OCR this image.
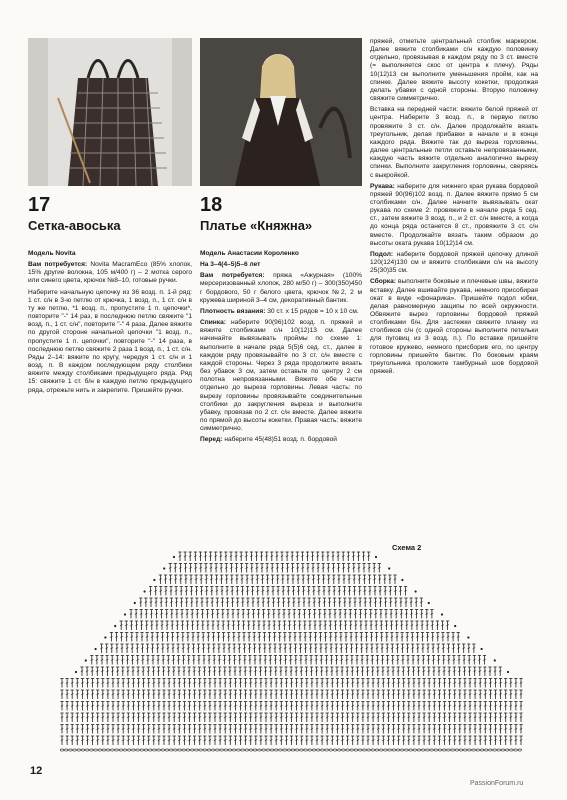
17
Сетка-авоська
18
Платье «Княжна»

Модель Novita

Вам потребуется: Novita MacramEco (85% хлопок, 15% другие волокна, 105 м/400 г) – 2 мотка серого или синего цвета, крючок №8–10, готовые ручки.

Наберите начальную цепочку из 36 возд. п. 1-й ряд: 1 ст. с/н в 3-ю петлю от крючка, 1 возд. п., 1 ст. с/н в ту же петлю, *1 возд. п., пропустите 1 п. цепочки*, повторите "-" 14 раз, в последнюю петлю свяжите "1 возд. п., 1 ст. с/н", повторите "-" 4 раза. Далее вяжите по другой стороне начальной цепочки "1 возд. п., пропустите 1 п. цепочки", повторите "-" 14 раза, в последнюю петлю свяжите 2 раза 1 возд. п., 1 ст. с/н. Ряды 2–14: вяжите по кругу, чередуя 1 ст. с/н и 1 возд. п. В каждом последующем ряду столбики вяжите между столбиками предыдущего ряда. Ряд 15: свяжите 1 ст. б/н в каждую петлю предыдущего ряда, отрежьте нить и закрепите. Пришейте ручки.

Модель Анастасии Короленко

На 3–4(4–5)5–6 лет

Вам потребуется: пряжа «Ажурная» (100% мерсеризованный хлопок, 280 м/50 г) – 300(350)450 г бордового, 50 г белого цвета, крючок №2, 2 м кружева шириной 3–4 см, декоративный бантик.

Плотность вязания: 30 ст. х 15 рядов = 10 х 10 см.

Спинка: наберите 90(96)102 возд. п. пряжей и вяжите столбиками с/н 10(12)13 см. Далее начинайте вывязывать проймы по схеме 1: выполните в начале ряда 5(5)6 сед. ст., далее в каждом ряду провязывайте по 3 ст. с/н вместе с каждой стороны. Через 3 ряда продолжите вязать без убавок 3 см, затем оставьте по центру 2 см полотна непровязанными. Вяжите обе части отдельно до выреза горловины. Левая часть: по вырезу горловины провязывайте соединительные столбики до закругления выреза и выполните убавку, провязав по 2 ст. с/н вместе. Далее вяжите по прямой до высоты кокетки. Правая часть: вяжите симметрично.

Перед: наберите 45(48)51 возд. п. бордовой

пряжей, отметьте центральный столбик маркером. Далее вяжите столбиками с/н каждую половинку отдельно, провязывая в каждом ряду по 3 ст. вместе (= выполняется скос от центра к плечу). Ряды 10(12)13 см выполните уменьшения пройм, как на спинке. Далее вяжите высоту кокетки, продолжая делать убавки с одной стороны. Вторую половину свяжите симметрично.

Вставка на передней части: вяжите белой пряжей от центра. Наберите 3 возд. п., в первую петлю провяжите 3 ст. с/н. Далее продолжайте вязать треугольник, делая прибавки в начале и в конце каждого ряда. Вяжите так до выреза горловины, далее центральные петли оставьте непровязанными, каждую часть вяжите отдельно аналогично вырезу спинки. Выполните закругления горловины, сверяясь с выкройкой.

Рукава: наберите для нижнего края рукава бордовой пряжей 90(96)102 возд. п. Далее вяжите прямо 5 см столбиками с/н. Далее начните вывязывать окат рукава по схеме 2: провяжите в начале ряда 5 сед. ст., затем вяжите 3 возд. п., и 2 ст. с/н вместе, а когда до конца ряда останется 8 ст., провяжите 3 ст. с/н вместе. Продолжайте вязать таким образом до высоты оката рукава 10(12)14 см.

Подол: наберите бордовой пряжей цепочку длиной 120(124)130 см и вяжите столбиками с/н на высоту 25(30)35 см.

Сборка: выполните боковые и плечевые швы, вяжите вставку. Далее вшивайте рукава, немного присобирая окат в виде «фонарика». Пришейте подол юбки, делая равномерную защипы по всей окружности. Обвяжите вырез горловины бордовой пряжей столбиками б/н. Для застежки свяжите планку из столбиков с/н (с одной стороны выполните петельки для пуговиц из 3 возд. п.). По вставке пришейте готовое кружево, немного присборив его, по центру горловины пришейте бантик. По боковым краям треугольника проложите тамбурный шов бордовой пряжей.

Схема 2
12
PassionForum.ru
